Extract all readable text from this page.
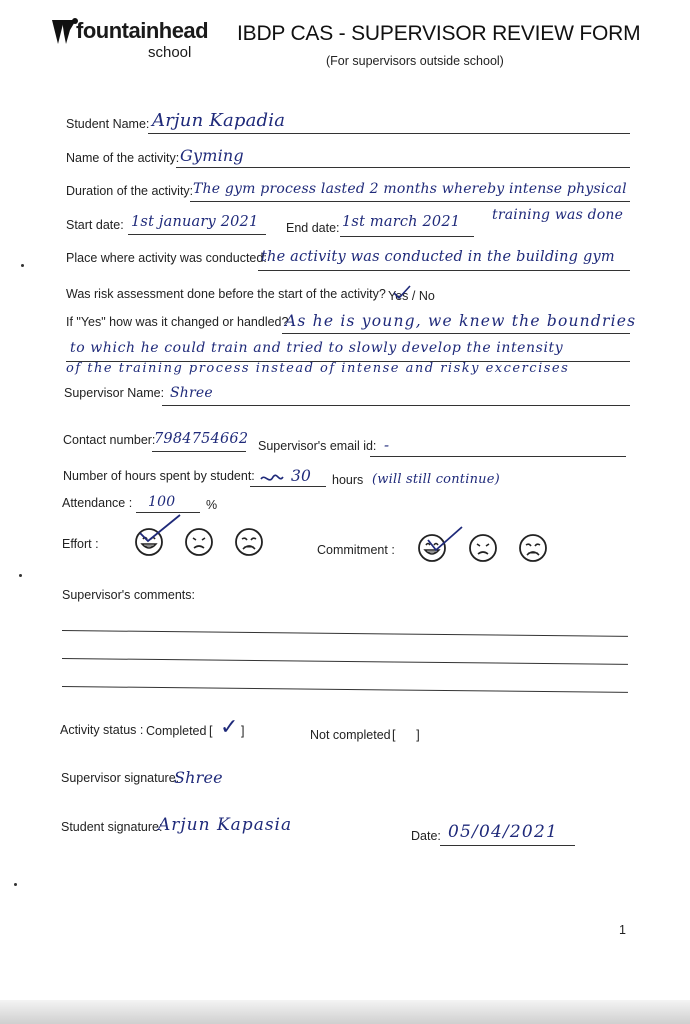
fountainhead
school
IBDP CAS - SUPERVISOR REVIEW FORM
(For supervisors outside school)
Student Name: Arjun Kapadia
Name of the activity: Gyming
Duration of the activity: The gym process lasted 2 months whereby intense physical
training was done
Start date: 1st january 2021 End date: 1st march 2021
Place where activity was conducted:
the activity was conducted in the building gym
Was risk assessment done before the start of the activity? Yes / No
If "Yes" how was it changed or handled?
As he is young, we knew the boundries
to which he could train and tried to slowly develop the intensity
of the training process instead of intense and risky excercises
Supervisor Name: Shree
Contact number:
7984754662 Supervisor's email id: -
Number of hours spent by student: 30 hours (will still continue)
Attendance : 100 %
Effort :	Commitment :
Supervisor's comments:
Activity status : Completed [ ✓ ]	Not completed [      ]
Supervisor signature:
Shree
Student signature:
Arjun Kapasia
Date: 05/04/2021
1
